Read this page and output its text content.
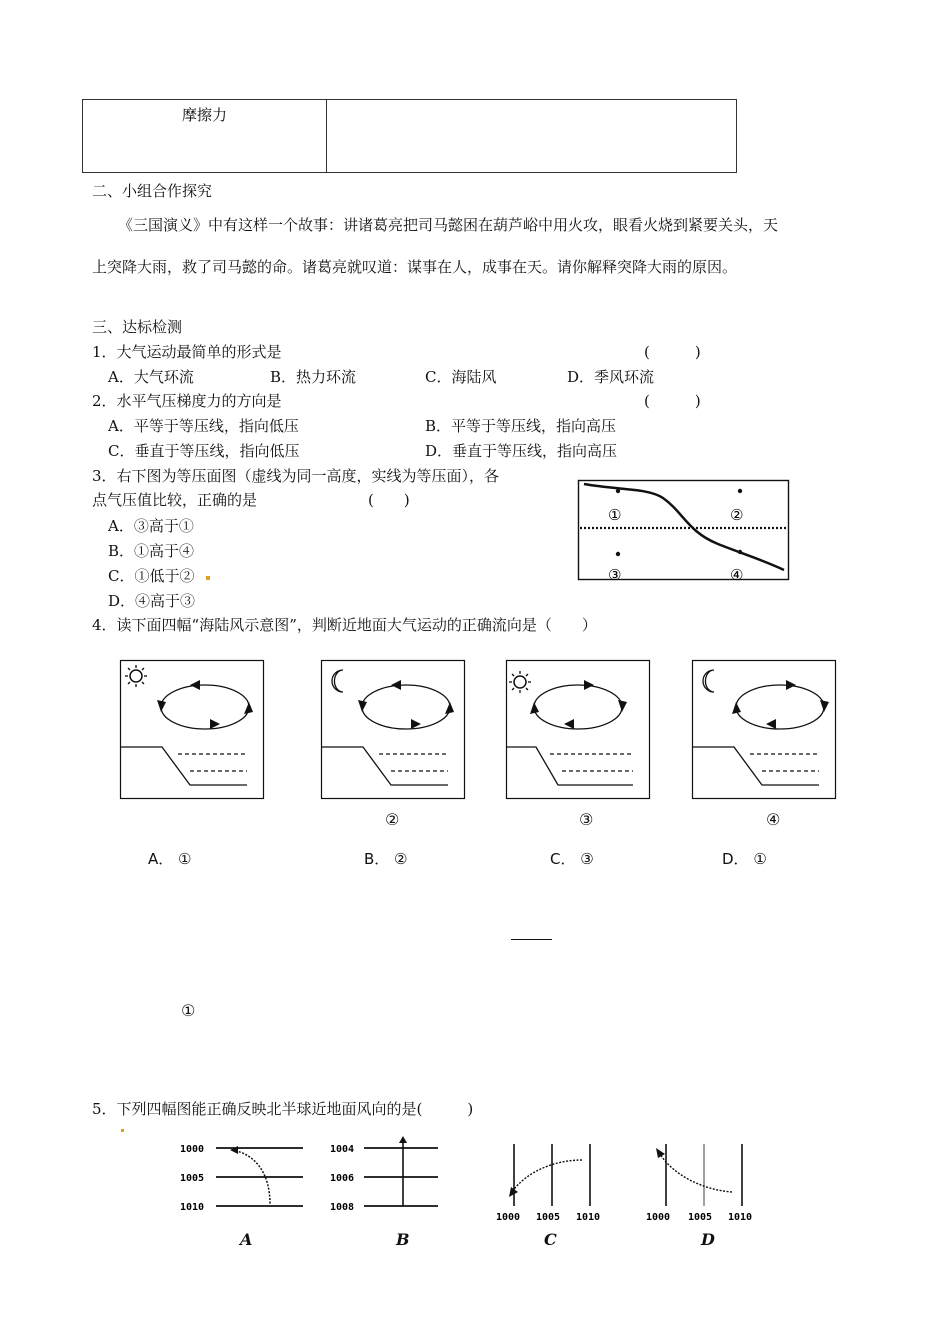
摩擦力
二、小组合作探究
《三国演义》中有这样一个故事：讲诸葛亮把司马懿困在葫芦峪中用火攻，眼看火烧到紧要关头，天
上突降大雨，救了司马懿的命。诸葛亮就叹道：谋事在人，成事在天。请你解释突降大雨的原因。
三、达标检测
1．大气运动最简单的形式是	(　　　)
A．大气环流	B．热力环流	C．海陆风	D．季风环流
2．水平气压梯度力的方向是	(　　　)
A．平等于等压线，指向低压	B．平等于等压线，指向高压
C．垂直于等压线，指向低压	D．垂直于等压线，指向高压
3．右下图为等压面图（虚线为同一高度，实线为等压面），各
点气压值比较，正确的是	(　　)
A．③高于①
B．①高于④
C．①低于②
D．④高于③
①	②
③	④
4．读下面四幅“海陆风示意图”，判断近地面大气运动的正确流向是（　　）
②	③	④
A． ①	B． ②	C． ③	D． ①
①
5．下列四幅图能正确反映北半球近地面风向的是(　　　)
1000
1005
1010
A
1004
1006
1008
B
1000 1005 1010
C
1000 1005 1010
D
